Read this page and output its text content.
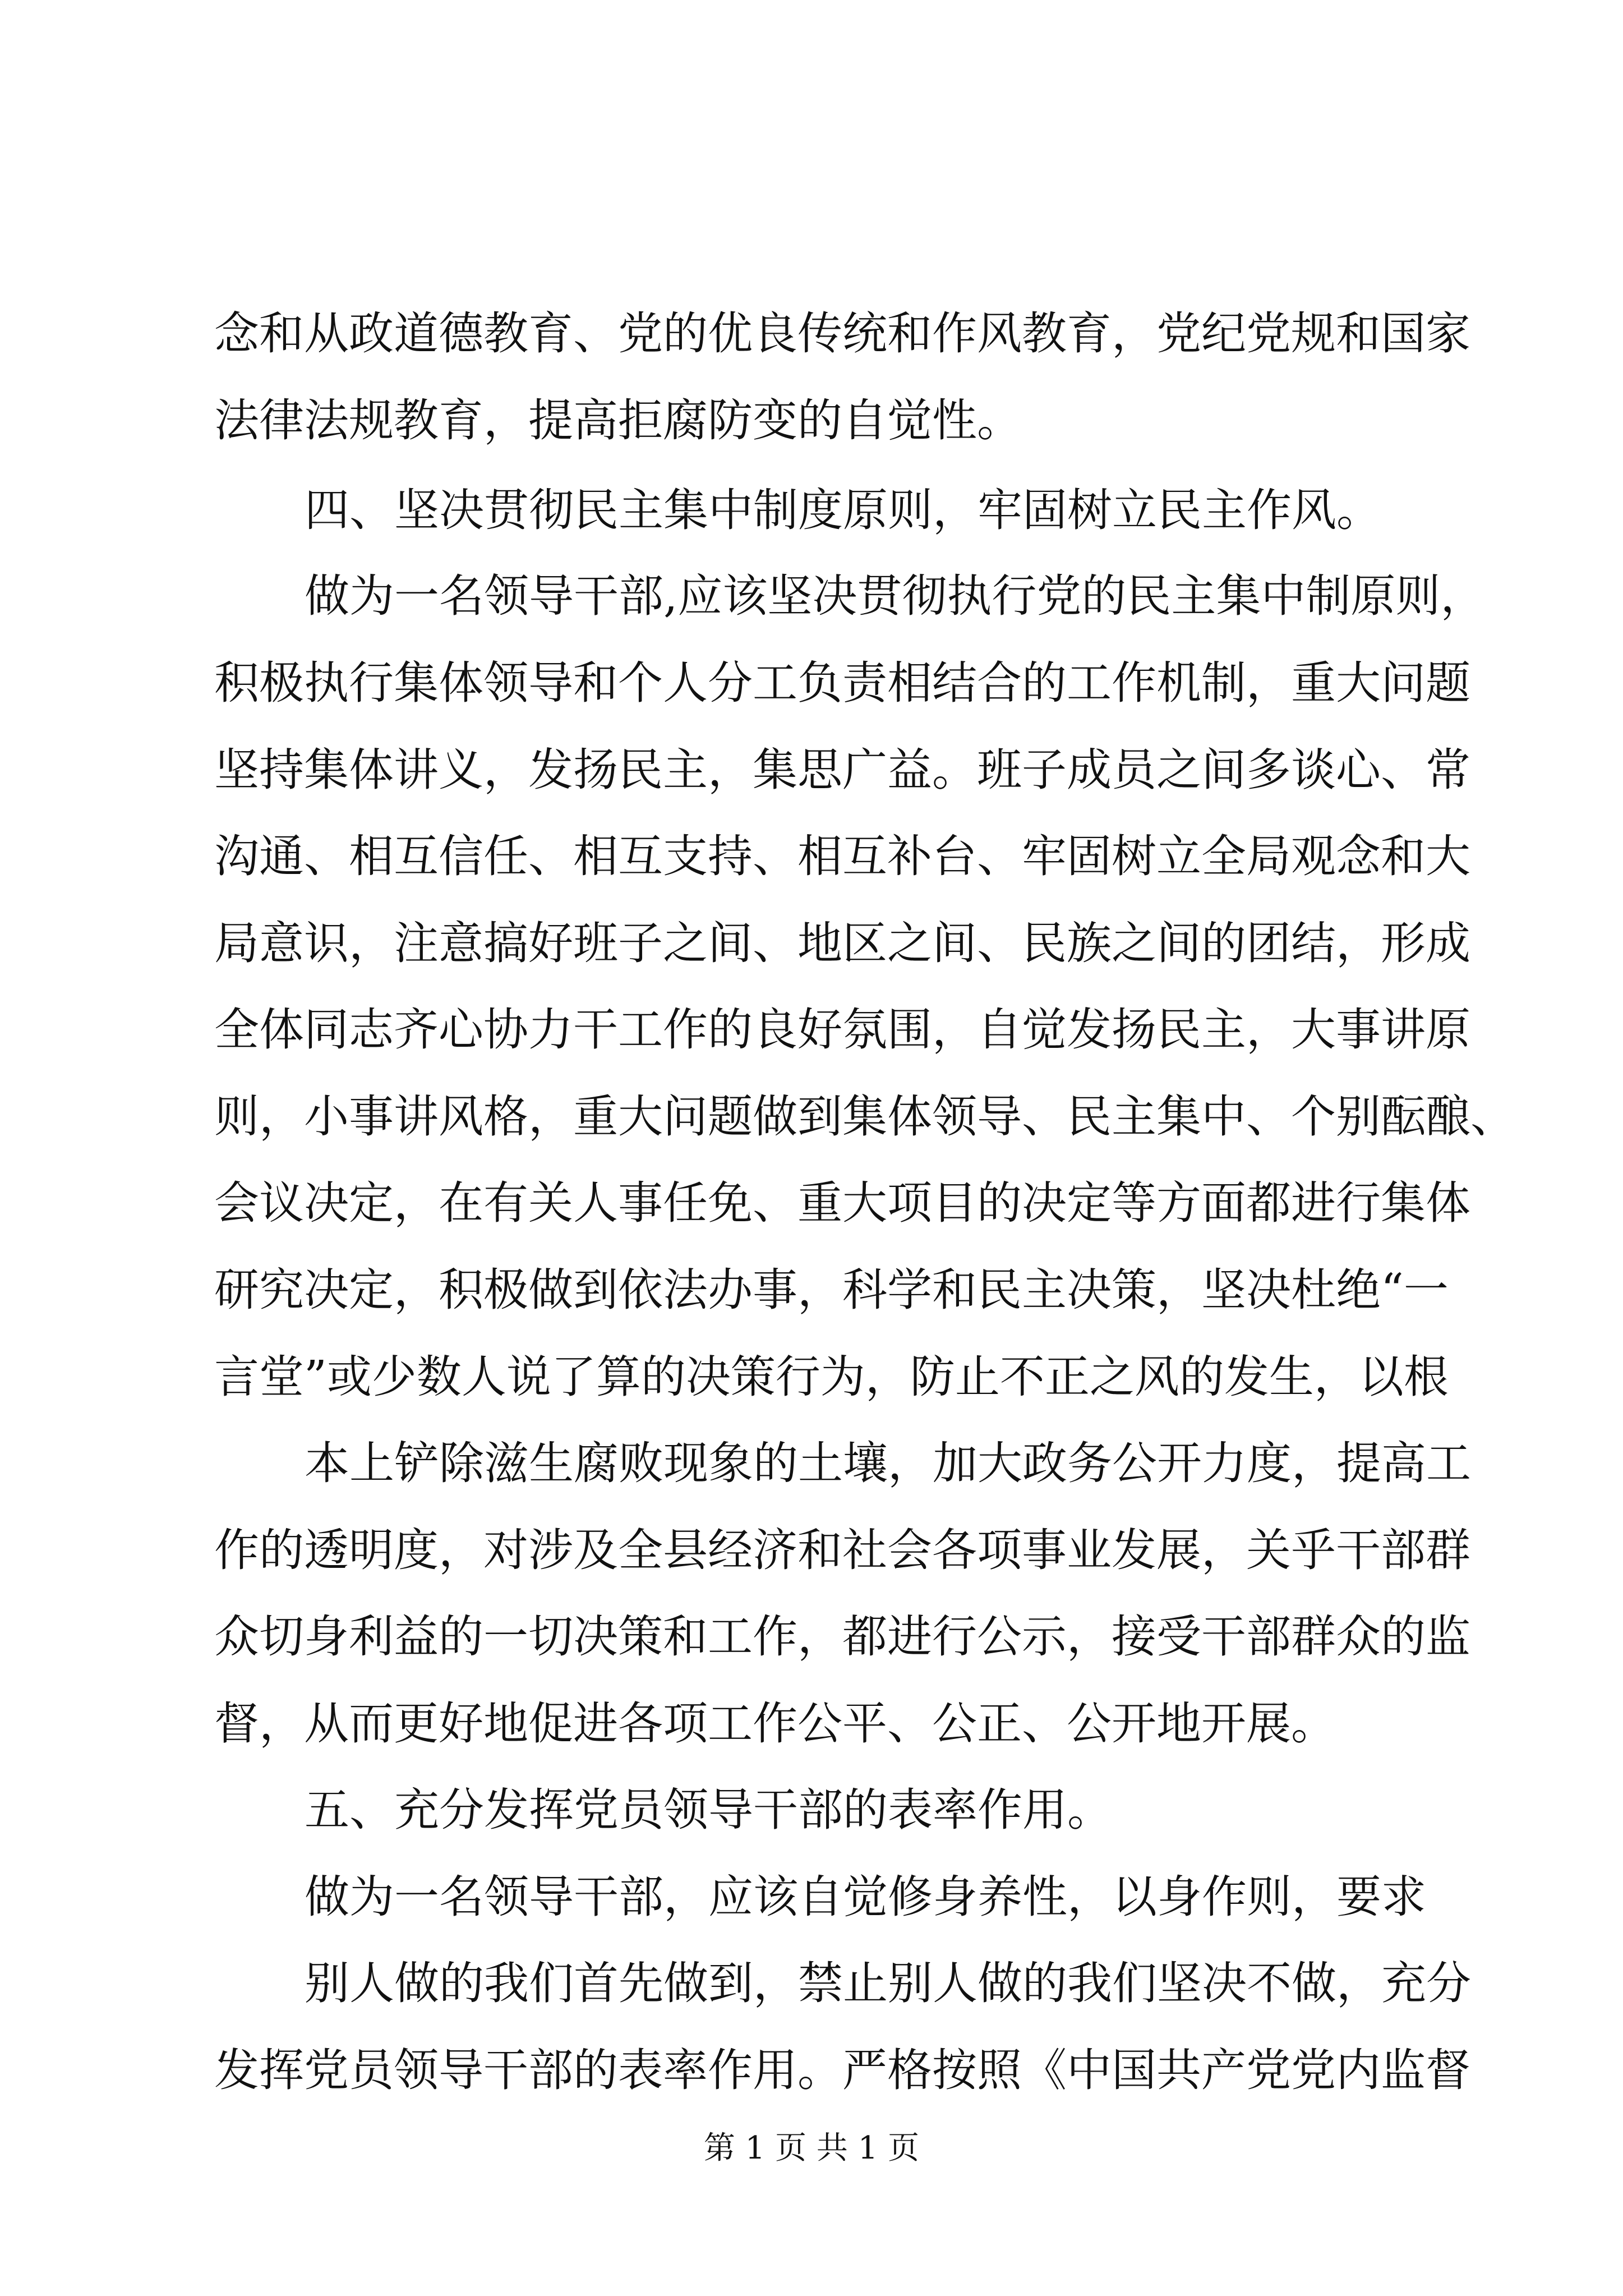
念和从政道德教育、党的优良传统和作风教育，党纪党规和国家
法律法规教育，提高拒腐防变的自觉性。
四、坚决贯彻民主集中制度原则，牢固树立民主作风。
做为一名领导干部,应该坚决贯彻执行党的民主集中制原则，
积极执行集体领导和个人分工负责相结合的工作机制，重大问题
坚持集体讲义，发扬民主，集思广益。班子成员之间多谈心、常
沟通、相互信任、相互支持、相互补台、牢固树立全局观念和大
局意识，注意搞好班子之间、地区之间、民族之间的团结，形成
全体同志齐心协力干工作的良好氛围，自觉发扬民主，大事讲原
则，小事讲风格，重大问题做到集体领导、民主集中、个别酝酿、
会议决定，在有关人事任免、重大项目的决定等方面都进行集体
研究决定，积极做到依法办事，科学和民主决策，坚决杜绝“一
言堂”或少数人说了算的决策行为，防止不正之风的发生，以根
本上铲除滋生腐败现象的土壤，加大政务公开力度，提高工
作的透明度，对涉及全县经济和社会各项事业发展，关乎干部群
众切身利益的一切决策和工作，都进行公示，接受干部群众的监
督，从而更好地促进各项工作公平、公正、公开地开展。
五、充分发挥党员领导干部的表率作用。
做为一名领导干部，应该自觉修身养性，以身作则，要求
别人做的我们首先做到，禁止别人做的我们坚决不做，充分
发挥党员领导干部的表率作用。严格按照《中国共产党党内监督
第 1 页 共 1 页
